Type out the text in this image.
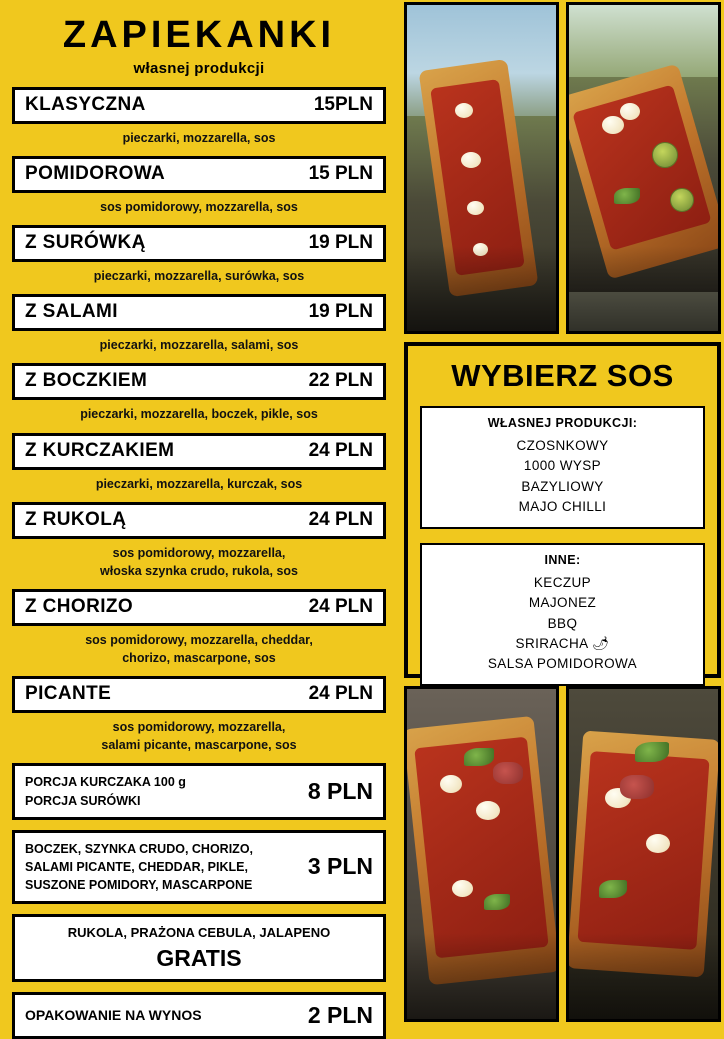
ZAPIEKANKI
własnej produkcji
KLASYCZNA	15PLN
pieczarki, mozzarella, sos
POMIDOROWA	15 PLN
sos pomidorowy, mozzarella, sos
Z SURÓWKĄ	19 PLN
pieczarki, mozzarella, surówka, sos
Z SALAMI	19 PLN
pieczarki, mozzarella, salami, sos
Z BOCZKIEM	22 PLN
pieczarki, mozzarella, boczek, pikle, sos
Z KURCZAKIEM	24 PLN
pieczarki, mozzarella, kurczak, sos
Z RUKOLĄ	24 PLN
sos pomidorowy, mozzarella,
włoska szynka crudo, rukola, sos
Z CHORIZO	24 PLN
sos pomidorowy, mozzarella, cheddar,
chorizo, mascarpone, sos
PICANTE	24 PLN
sos pomidorowy, mozzarella,
salami picante, mascarpone, sos
PORCJA KURCZAKA 100 g
PORCJA SURÓWKI	8 PLN
BOCZEK, SZYNKA CRUDO, CHORIZO,
SALAMI PICANTE, CHEDDAR, PIKLE,
SUSZONE POMIDORY, MASCARPONE
3 PLN
RUKOLA, PRAŻONA CEBULA, JALAPENO
GRATIS
OPAKOWANIE NA WYNOS	2 PLN
WYBIERZ SOS
WŁASNEJ PRODUKCJI:
CZOSNKOWY
1000 WYSP
BAZYLIOWY
MAJO CHILLI
INNE:
KECZUP
MAJONEZ
BBQ
SRIRACHA 🌶
SALSA POMIDOROWA
